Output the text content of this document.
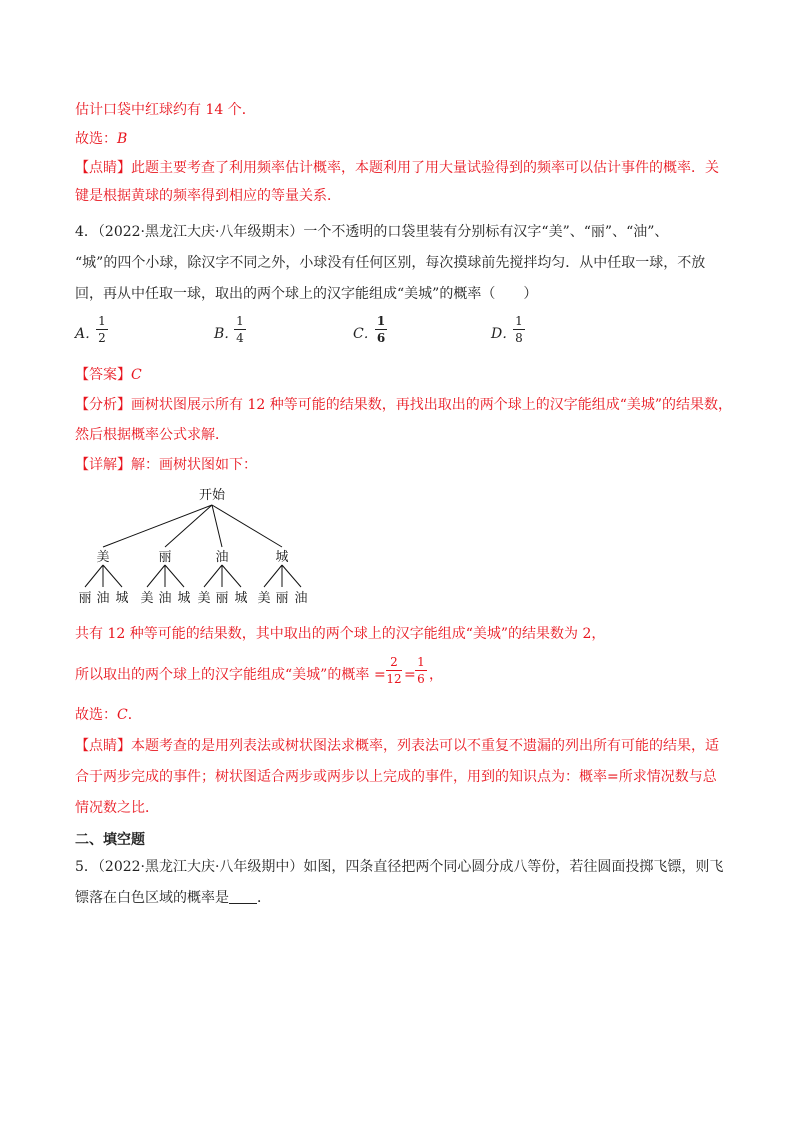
估计口袋中红球约有 14 个．
故选：B
【点睛】此题主要考查了利用频率估计概率，本题利用了用大量试验得到的频率可以估计事件的概率．关
键是根据黄球的频率得到相应的等量关系．
4．（2022·黑龙江大庆·八年级期末）一个不透明的口袋里装有分别标有汉字“美”、“丽”、“油”、
“城”的四个小球，除汉字不同之外，小球没有任何区别，每次摸球前先搅拌均匀．从中任取一球，不放
回，再从中任取一球，取出的两个球上的汉字能组成“美城”的概率（　　）
A．
1
2	B．
1
4	C．
1
6	D．
1
8
【答案】C
【分析】画树状图展示所有 12 种等可能的结果数，再找出取出的两个球上的汉字能组成“美城”的结果数，
然后根据概率公式求解．
【详解】解：画树状图如下：
开始
美	丽	油	城
丽 油 城 美 油 城 美 丽 城 美 丽 油
共有 12 种等可能的结果数，其中取出的两个球上的汉字能组成“美城”的结果数为 2，
所以取出的两个球上的汉字能组成“美城”的概率
2
12
= =
1
6 ，
故选：C．
【点睛】本题考查的是用列表法或树状图法求概率，列表法可以不重复不遗漏的列出所有可能的结果，适
合于两步完成的事件；树状图适合两步或两步以上完成的事件，用到的知识点为：概率=所求情况数与总
情况数之比．
二、填空题
5．（2022·黑龙江大庆·八年级期中）如图，四条直径把两个同心圆分成八等份，若往圆面投掷飞镖，则飞
镖落在白色区域的概率是 ．
